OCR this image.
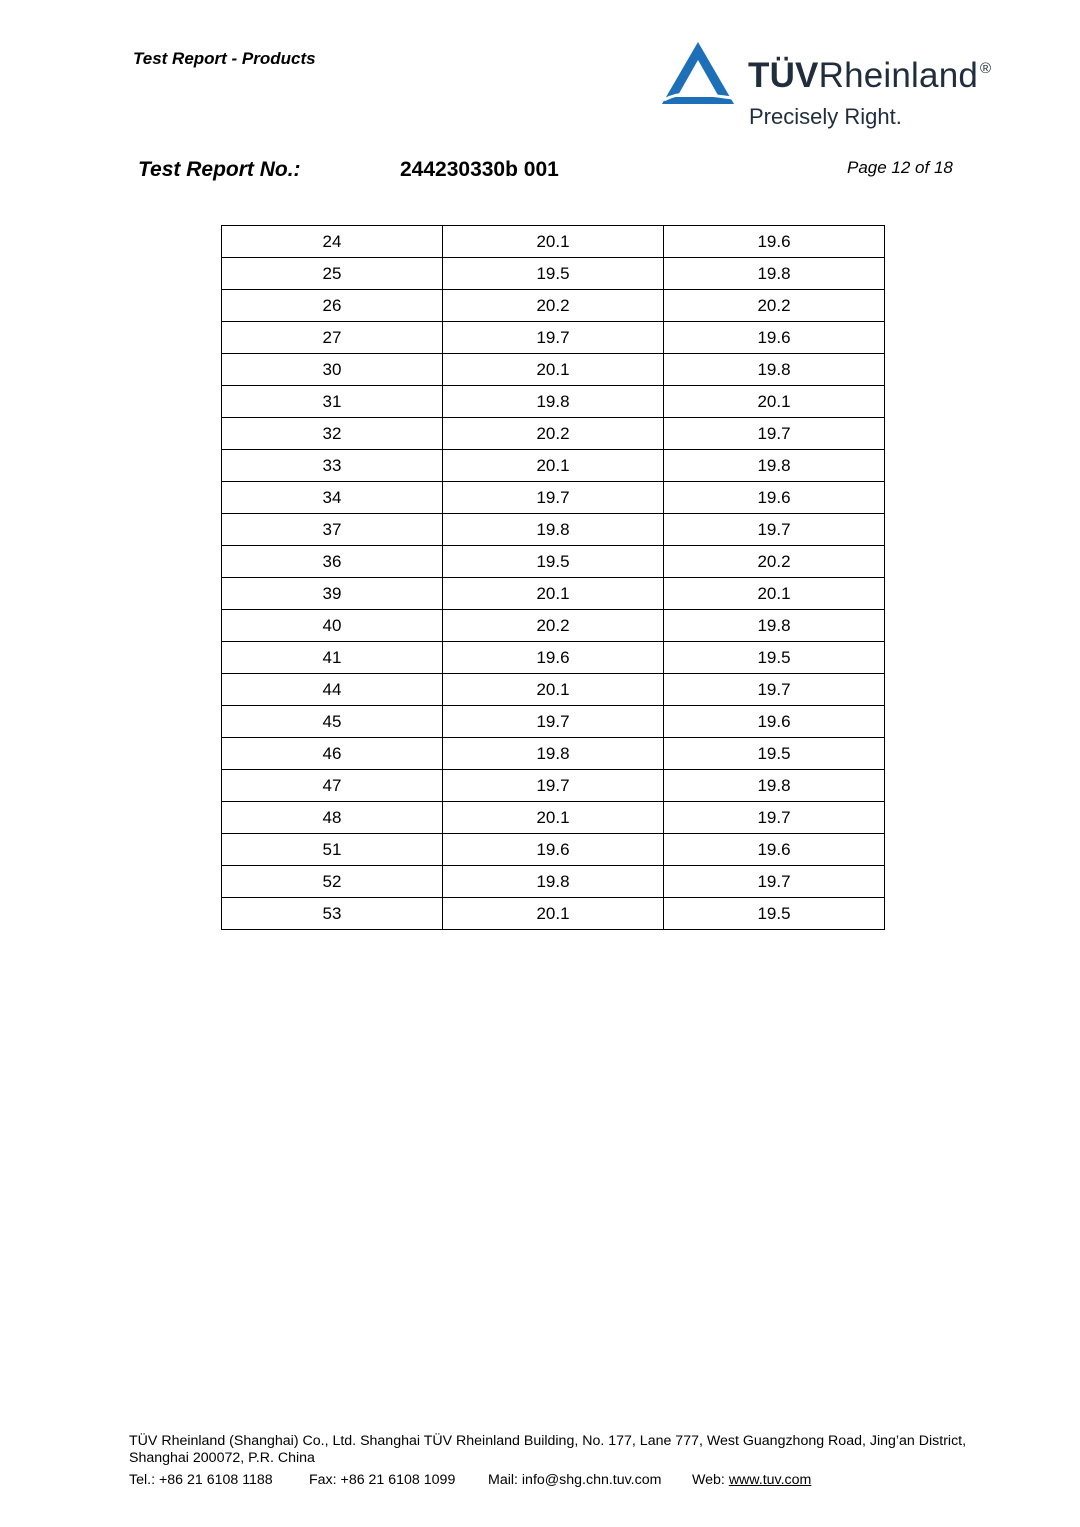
Test Report - Products	TÜVRheinland ®
Precisely Right.
Test Report No.:	244230330b 001	Page 12 of 18
24	20.1	19.6
25	19.5	19.8
26	20.2	20.2
27	19.7	19.6
30	20.1	19.8
31	19.8	20.1
32	20.2	19.7
33	20.1	19.8
34	19.7	19.6
37	19.8	19.7
36	19.5	20.2
39	20.1	20.1
40	20.2	19.8
41	19.6	19.5
44	20.1	19.7
45	19.7	19.6
46	19.8	19.5
47	19.7	19.8
48	20.1	19.7
51	19.6	19.6
52	19.8	19.7
53	20.1	19.5
TÜV Rheinland (Shanghai) Co., Ltd. Shanghai TÜV Rheinland Building, No. 177, Lane 777, West Guangzhong Road, Jing’an District,
Shanghai 200072, P.R. China
Tel.: +86 21 6108 1188	Fax: +86 21 6108 1099 Mail: info@shg.chn.tuv.com Web: www.tuv.com
